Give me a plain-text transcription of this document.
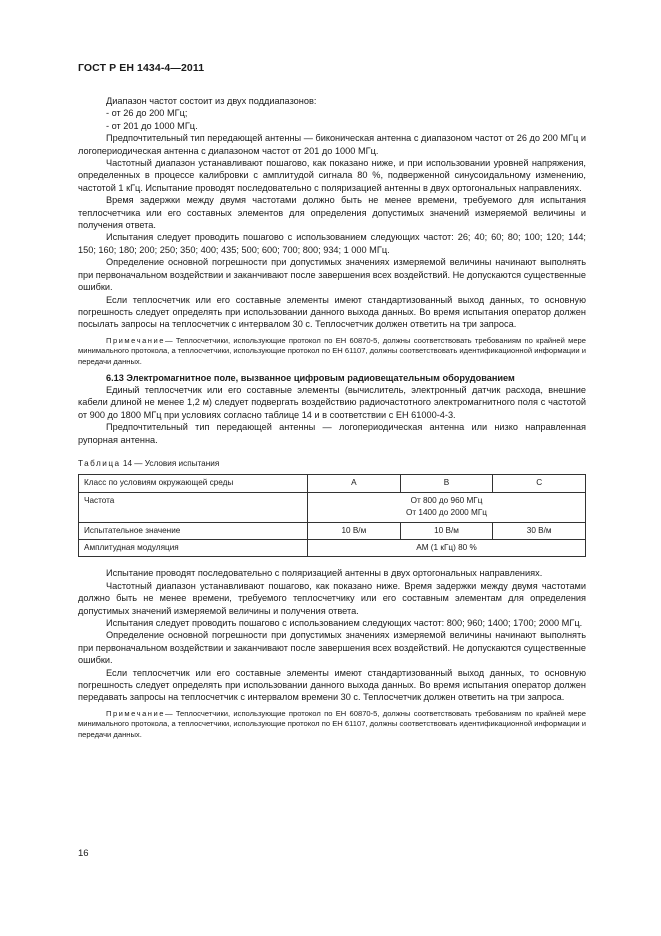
ГОСТ Р ЕН 1434-4—2011

Диапазон частот состоит из двух поддиапазонов:

- от 26 до 200 МГц;

- от 201 до 1000 МГц.

Предпочтительный тип передающей антенны — биконическая антенна с диапазоном частот от 26 до 200 МГц и логопериодическая антенна с диапазоном частот от 201 до 1000 МГц.

Частотный диапазон устанавливают пошагово, как показано ниже, и при использовании уровней напряжения, определенных в процессе калибровки с амплитудой сигнала 80 %, подверженной синусоидальному изменению, частотой 1 кГц. Испытание проводят последовательно с поляризацией антенны в двух ортогональных направлениях.

Время задержки между двумя частотами должно быть не менее времени, требуемого для испытания теплосчетчика или его составных элементов для определения допустимых значений измеряемой величины и получения ответа.

Испытания следует проводить пошагово с использованием следующих частот: 26; 40; 60; 80; 100; 120; 144; 150; 160; 180; 200; 250; 350; 400; 435; 500; 600; 700; 800; 934; 1 000 МГц.

Определение основной погрешности при допустимых значениях измеряемой величины начинают выполнять при первоначальном воздействии и заканчивают после завершения всех воздействий. Не допускаются существенные ошибки.

Если теплосчетчик или его составные элементы имеют стандартизованный выход данных, то основную погрешность следует определять при использовании данного выхода данных. Во время испытания оператор должен посылать запросы на теплосчетчик с интервалом 30 с. Теплосчетчик должен ответить на три запроса.

Примечание— Теплосчетчики, использующие протокол по ЕН 60870-5, должны соответствовать требованиям по крайней мере минимального протокола, а теплосчетчики, использующие протокол по ЕН 61107, должны соответствовать идентификационной информации и передачи данных.

6.13 Электромагнитное поле, вызванное цифровым радиовещательным оборудованием

Единый теплосчетчик или его составные элементы (вычислитель, электронный датчик расхода, внешние кабели длиной не менее 1,2 м) следует подвергать воздействию радиочастотного электромагнитного поля с частотой от 900 до 1800 МГц при условиях согласно таблице 14 и в соответствии с ЕН 61000-4-3.

Предпочтительный тип передающей антенны — логопериодическая антенна или низко направленная рупорная антенна.

Таблица 14 — Условия испытания

Класс по условиям окружающей среды	A	B	C
Частота	От 800 до 960 МГц
От 1400 до 2000 МГц		

Испытательное значение	10 В/м	10 В/м	30 В/м
Амплитудная модуляция	АМ (1 кГц) 80 %		

Испытание проводят последовательно с поляризацией антенны в двух ортогональных направлениях.

Частотный диапазон устанавливают пошагово, как показано ниже. Время задержки между двумя частотами должно быть не менее времени, требуемого теплосчетчику или его составным элементам для определения допустимых значений измеряемой величины и получения ответа.

Испытания следует проводить пошагово с использованием следующих частот: 800; 960; 1400; 1700; 2000 МГц.

Определение основной погрешности при допустимых значениях измеряемой величины начинают выполнять при первоначальном воздействии и заканчивают после завершения всех воздействий. Не допускаются существенные ошибки.

Если теплосчетчик или его составные элементы имеют стандартизованный выход данных, то основную погрешность следует определять при использовании данного выхода данных. Во время испытания оператор должен передавать запросы на теплосчетчик с интервалом времени 30 с. Теплосчетчик должен ответить на три запроса.

Примечание— Теплосчетчики, использующие протокол по ЕН 60870-5, должны соответствовать требованиям по крайней мере минимального протокола, а теплосчетчики, использующие протокол по ЕН 61107, должны соответствовать идентификационной информации и передачи данных.

16
